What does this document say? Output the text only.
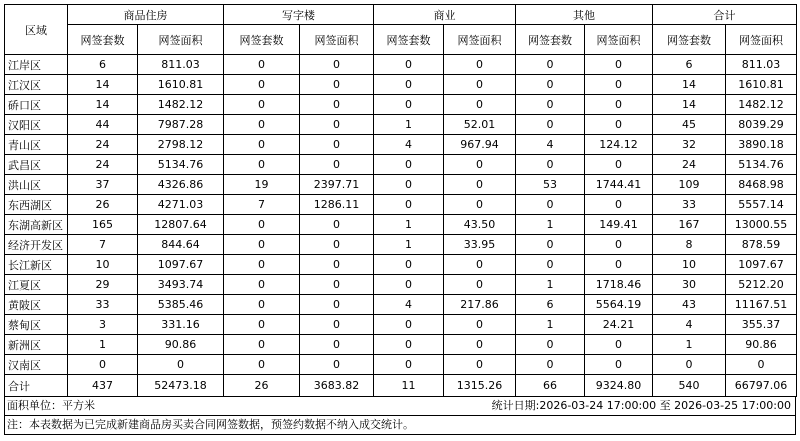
区域	商品住房		写字楼		商业		其他		合计	
	网签套数	网签面积	网签套数	网签面积	网签套数	网签面积	网签套数	网签面积	网签套数	网签面积
江岸区	6	811.03	0	0	0	0	0	0	6	811.03
江汉区	14	1610.81	0	0	0	0	0	0	14	1610.81
硚口区	14	1482.12	0	0	0	0	0	0	14	1482.12
汉阳区	44	7987.28	0	0	1	52.01	0	0	45	8039.29
青山区	24	2798.12	0	0	4	967.94	4	124.12	32	3890.18
武昌区	24	5134.76	0	0	0	0	0	0	24	5134.76
洪山区	37	4326.86	19	2397.71	0	0	53	1744.41	109	8468.98
东西湖区	26	4271.03	7	1286.11	0	0	0	0	33	5557.14
东湖高新区	165	12807.64	0	0	1	43.50	1	149.41	167	13000.55
经济开发区	7	844.64	0	0	1	33.95	0	0	8	878.59
长江新区	10	1097.67	0	0	0	0	0	0	10	1097.67
江夏区	29	3493.74	0	0	0	0	1	1718.46	30	5212.20
黄陂区	33	5385.46	0	0	4	217.86	6	5564.19	43	11167.51
蔡甸区	3	331.16	0	0	0	0	1	24.21	4	355.37
新洲区	1	90.86	0	0	0	0	0	0	1	90.86
汉南区	0	0	0	0	0	0	0	0	0	0
合计	437	52473.18	26	3683.82	11	1315.26	66	9324.80	540	66797.06
面积单位：平方米	统计日期:2026-03-24 17:00:00 至 2026-03-25 17:00:00
注：本表数据为已完成新建商品房买卖合同网签数据，预签约数据不纳入成交统计。
